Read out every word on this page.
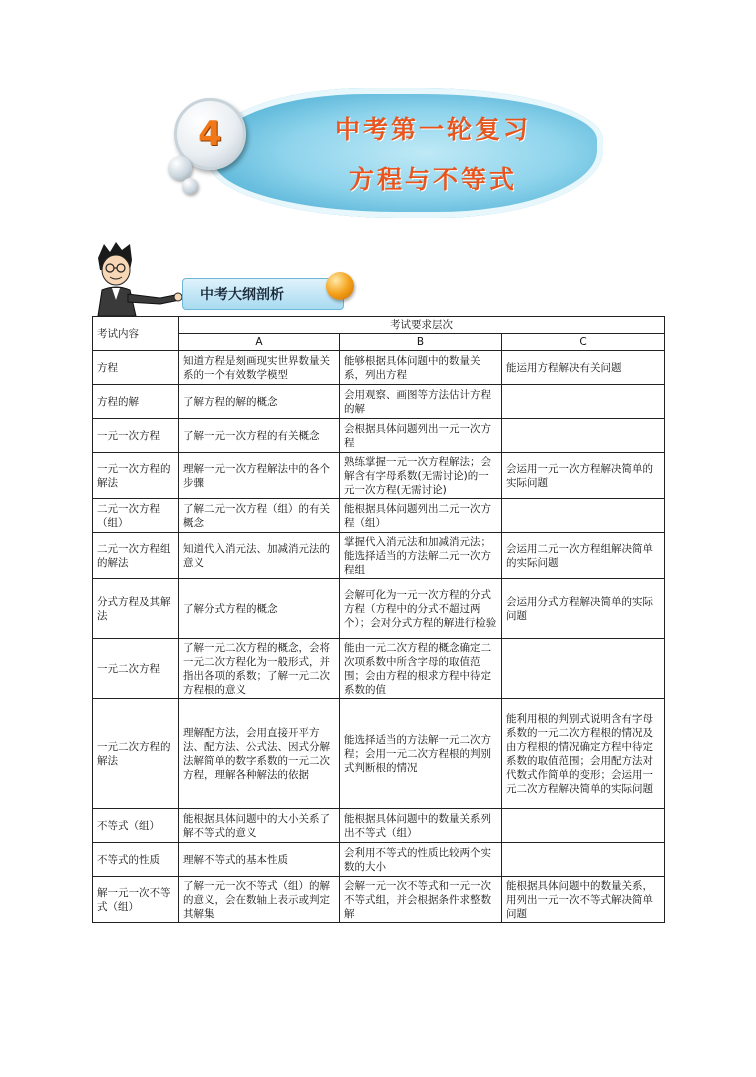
4	中考第一轮复习
方程与不等式
中考大纲剖析
考试内容	考试要求层次		
	A	B	C
方程	知道方程是刻画现实世界数量关系的一个有效数学模型	能够根据具体问题中的数量关系，列出方程	能运用方程解决有关问题
方程的解	了解方程的解的概念	会用观察、画图等方法估计方程的解	
一元一次方程	了解一元一次方程的有关概念	会根据具体问题列出一元一次方程	
一元一次方程的解法	理解一元一次方程解法中的各个步骤	熟练掌握一元一次方程解法；会解含有字母系数(无需讨论)的一元一次方程(无需讨论)	会运用一元一次方程解决简单的实际问题
二元一次方程（组）	了解二元一次方程（组）的有关概念	能根据具体问题列出二元一次方程（组）	
二元一次方程组的解法	知道代入消元法、加减消元法的意义	掌握代入消元法和加减消元法；能选择适当的方法解二元一次方程组	会运用二元一次方程组解决简单的实际问题
分式方程及其解法	了解分式方程的概念	会解可化为一元一次方程的分式方程（方程中的分式不超过两个）；会对分式方程的解进行检验	会运用分式方程解决简单的实际问题
一元二次方程	了解一元二次方程的概念，会将一元二次方程化为一般形式，并指出各项的系数；了解一元二次方程根的意义	能由一元二次方程的概念确定二次项系数中所含字母的取值范围；会由方程的根求方程中待定系数的值	
一元二次方程的解法	理解配方法，会用直接开平方法、配方法、公式法、因式分解法解简单的数字系数的一元二次方程，理解各种解法的依据	能选择适当的方法解一元二次方程；会用一元二次方程根的判别式判断根的情况	能利用根的判别式说明含有字母系数的一元二次方程根的情况及由方程根的情况确定方程中待定系数的取值范围；会用配方法对代数式作简单的变形；会运用一元二次方程解决简单的实际问题
不等式（组）	能根据具体问题中的大小关系了解不等式的意义	能根据具体问题中的数量关系列出不等式（组）	
不等式的性质	理解不等式的基本性质	会利用不等式的性质比较两个实数的大小	
解一元一次不等式（组）	了解一元一次不等式（组）的解的意义，会在数轴上表示或判定其解集	会解一元一次不等式和一元一次不等式组，并会根据条件求整数解	能根据具体问题中的数量关系，用列出一元一次不等式解决简单问题
